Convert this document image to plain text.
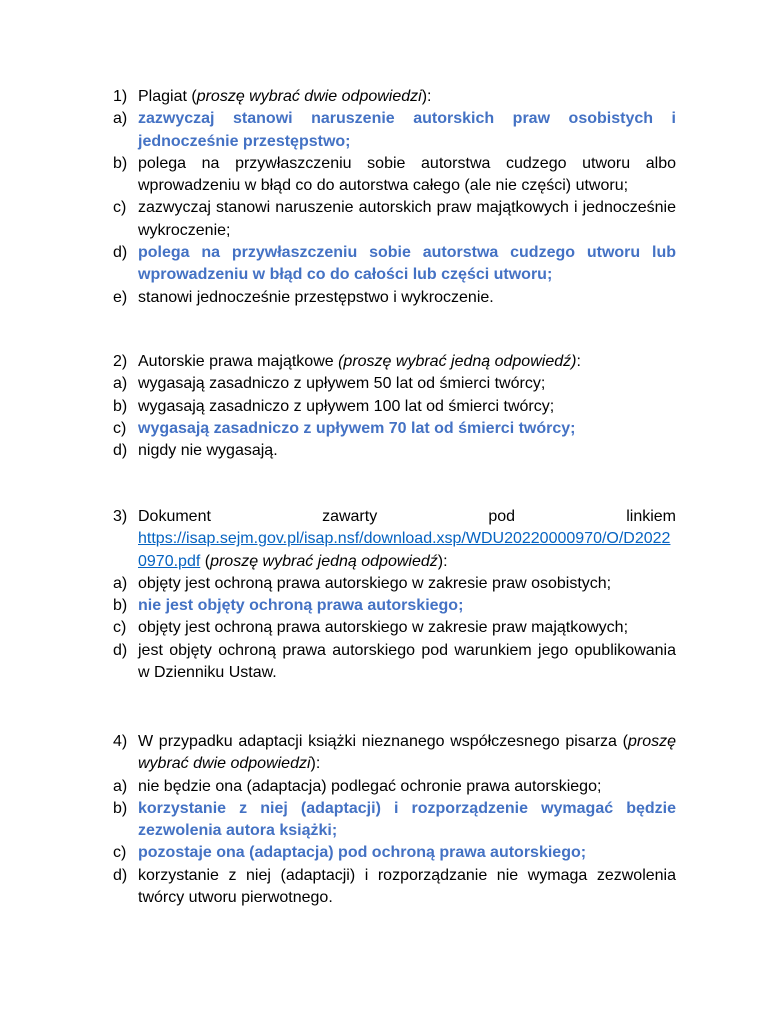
1) Plagiat (proszę wybrać dwie odpowiedzi):
a) zazwyczaj stanowi naruszenie autorskich praw osobistych i jednocześnie przestępstwo;
b) polega na przywłaszczeniu sobie autorstwa cudzego utworu albo wprowadzeniu w błąd co do autorstwa całego (ale nie części) utworu;
c) zazwyczaj stanowi naruszenie autorskich praw majątkowych i jednocześnie wykroczenie;
d) polega na przywłaszczeniu sobie autorstwa cudzego utworu lub wprowadzeniu w błąd co do całości lub części utworu;
e) stanowi jednocześnie przestępstwo i wykroczenie.
2) Autorskie prawa majątkowe (proszę wybrać jedną odpowiedź):
a) wygasają zasadniczo z upływem 50 lat od śmierci twórcy;
b) wygasają zasadniczo z upływem 100 lat od śmierci twórcy;
c) wygasają zasadniczo z upływem 70 lat od śmierci twórcy;
d) nigdy nie wygasają.
3) Dokument zawarty pod linkiem
https://isap.sejm.gov.pl/isap.nsf/download.xsp/WDU20220000970/O/D20220970.pdf (proszę wybrać jedną odpowiedź):
a) objęty jest ochroną prawa autorskiego w zakresie praw osobistych;
b) nie jest objęty ochroną prawa autorskiego;
c) objęty jest ochroną prawa autorskiego w zakresie praw majątkowych;
d) jest objęty ochroną prawa autorskiego pod warunkiem jego opublikowania w Dzienniku Ustaw.
4) W przypadku adaptacji książki nieznanego współczesnego pisarza (proszę wybrać dwie odpowiedzi):
a) nie będzie ona (adaptacja) podlegać ochronie prawa autorskiego;
b) korzystanie z niej (adaptacji) i rozporządzenie wymagać będzie zezwolenia autora książki;
c) pozostaje ona (adaptacja) pod ochroną prawa autorskiego;
d) korzystanie z niej (adaptacji) i rozporządzanie nie wymaga zezwolenia twórcy utworu pierwotnego.
